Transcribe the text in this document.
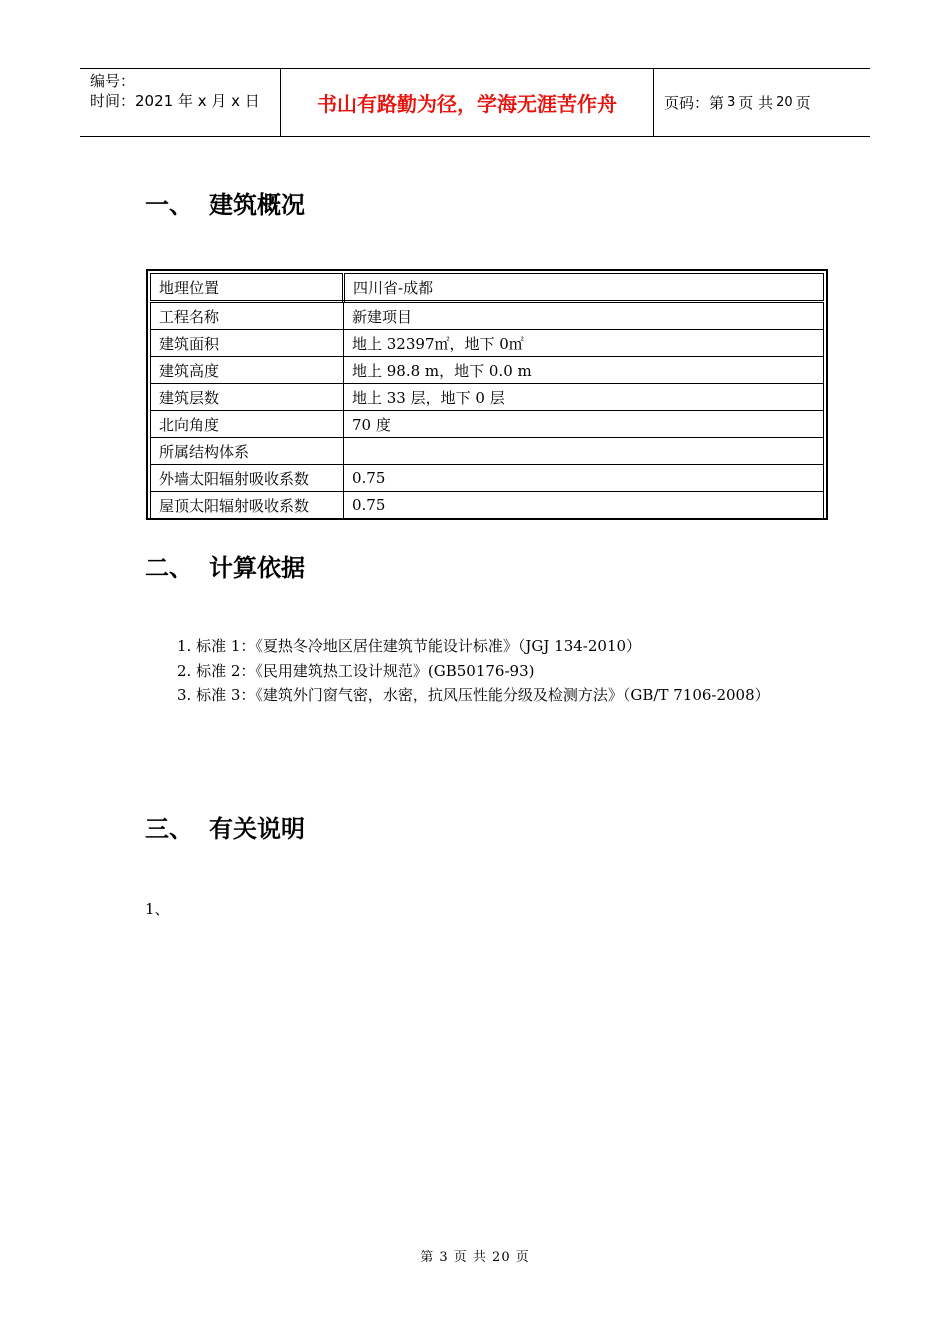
编号：
时间：2021 年 x 月 x 日	书山有路勤为径，学海无涯苦作舟	页码：第 3 页 共 20 页
一、 建筑概况
地理位置	四川省-成都
工程名称	新建项目
建筑面积	地上 32397㎡，地下 0㎡
建筑高度	地上 98.8 m，地下 0.0 m
建筑层数	地上 33 层，地下 0 层
北向角度	70 度
所属结构体系	
外墙太阳辐射吸收系数	0.75
屋顶太阳辐射吸收系数	0.75
二、 计算依据

1. 标准 1：《夏热冬冷地区居住建筑节能设计标准》（JGJ 134-2010）

2. 标准 2：《民用建筑热工设计规范》(GB50176-93)

3. 标准 3：《建筑外门窗气密，水密，抗风压性能分级及检测方法》（GB/T 7106-2008）

三、 有关说明
1、
第 3 页 共 20 页
